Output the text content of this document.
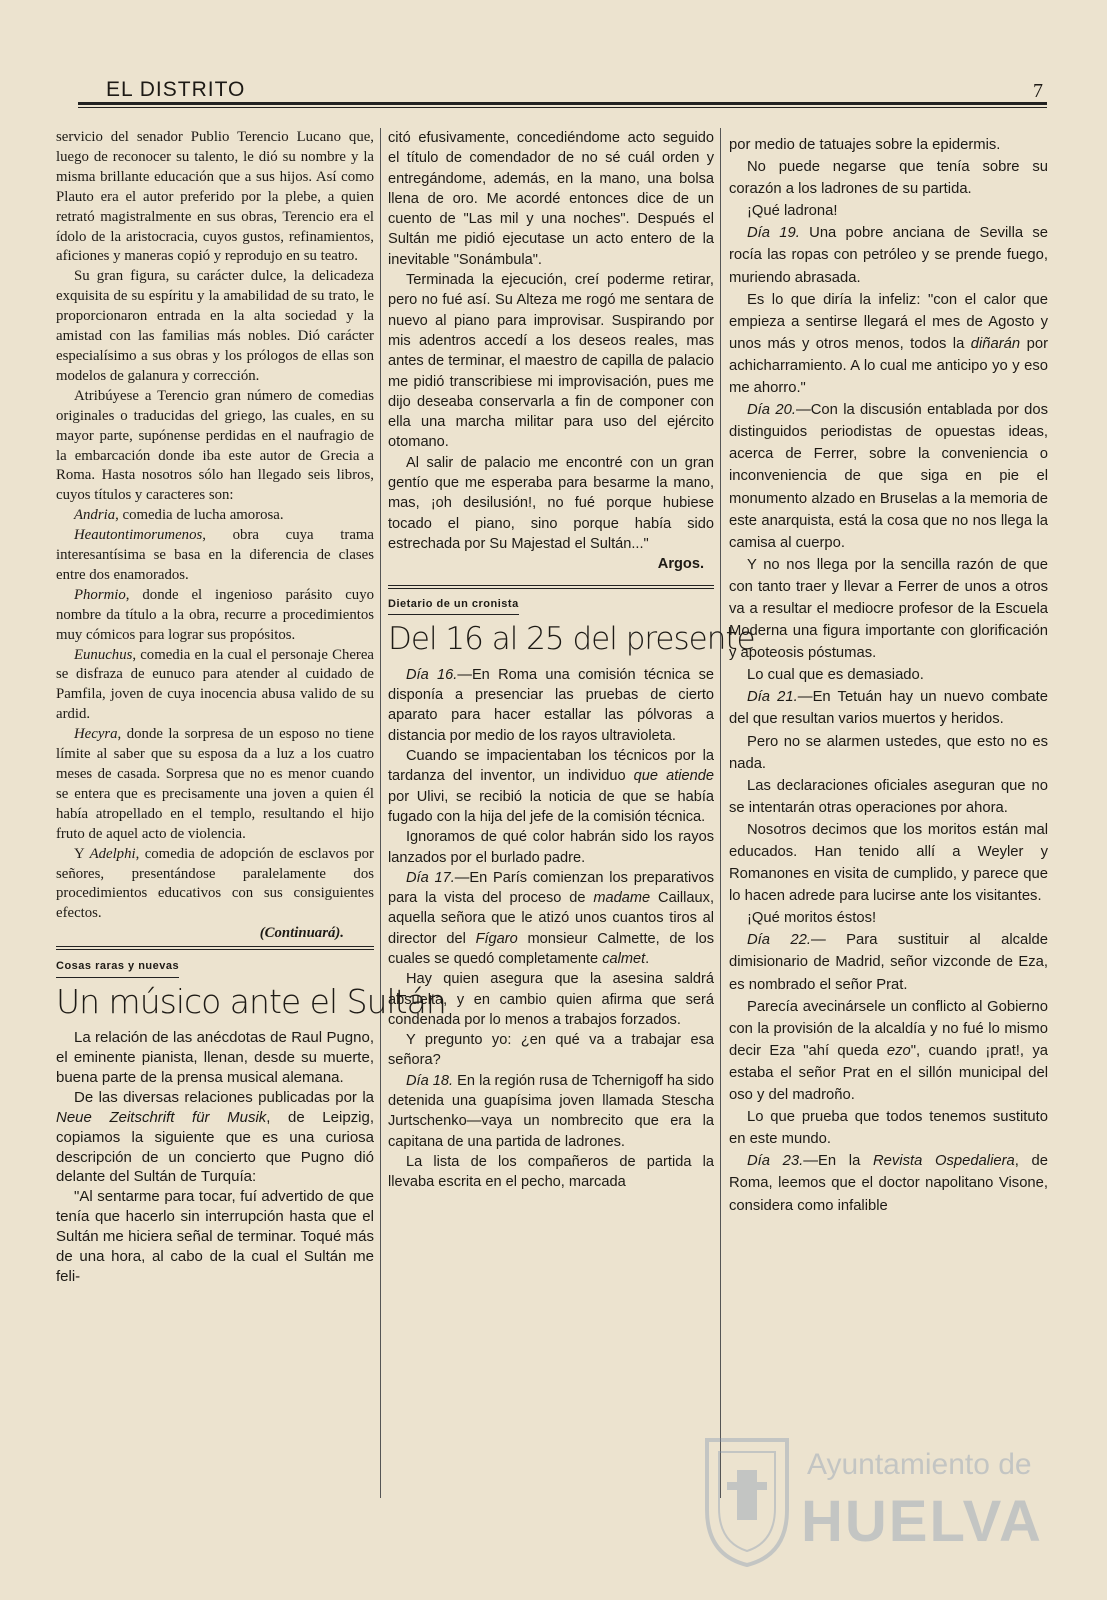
EL DISTRITO	7

servicio del senador Publio Terencio Lucano que, luego de reconocer su talento, le dió su nombre y la misma brillante educación que a sus hijos. Así como Plauto era el autor preferido por la plebe, a quien retrató magistralmente en sus obras, Terencio era el ídolo de la aristocracia, cuyos gustos, refinamientos, aficiones y maneras copió y reprodujo en su teatro.

Su gran figura, su carácter dulce, la delicadeza exquisita de su espíritu y la amabilidad de su trato, le proporcionaron entrada en la alta sociedad y la amistad con las familias más nobles. Dió carácter especialísimo a sus obras y los prólogos de ellas son modelos de galanura y corrección.

Atribúyese a Terencio gran número de comedias originales o traducidas del griego, las cuales, en su mayor parte, supónense perdidas en el naufragio de la embarcación donde iba este autor de Grecia a Roma. Hasta nosotros sólo han llegado seis libros, cuyos títulos y caracteres son:

Andria, comedia de lucha amorosa.

Heautontimorumenos, obra cuya trama interesantísima se basa en la diferencia de clases entre dos enamorados.

Phormio, donde el ingenioso parásito cuyo nombre da título a la obra, recurre a procedimientos muy cómicos para lograr sus propósitos.

Eunuchus, comedia en la cual el personaje Cherea se disfraza de eunuco para atender al cuidado de Pamfila, joven de cuya inocencia abusa valido de su ardid.

Hecyra, donde la sorpresa de un esposo no tiene límite al saber que su esposa da a luz a los cuatro meses de casada. Sorpresa que no es menor cuando se entera que es precisamente una joven a quien él había atropellado en el templo, resultando el hijo fruto de aquel acto de violencia.

Y Adelphi, comedia de adopción de esclavos por señores, presentándose paralelamente dos procedimientos educativos con sus consiguientes efectos.

(Continuará).
Cosas raras y nuevas
Un músico ante el Sultán

La relación de las anécdotas de Raul Pugno, el eminente pianista, llenan, desde su muerte, buena parte de la prensa musical alemana.

De las diversas relaciones publicadas por la Neue Zeitschrift für Musik, de Leipzig, copiamos la siguiente que es una curiosa descripción de un concierto que Pugno dió delante del Sultán de Turquía:

"Al sentarme para tocar, fuí advertido de que tenía que hacerlo sin interrupción hasta que el Sultán me hiciera señal de terminar. Toqué más de una hora, al cabo de la cual el Sultán me feli-

citó efusivamente, concediéndome acto seguido el título de comendador de no sé cuál orden y entregándome, además, en la mano, una bolsa llena de oro. Me acordé entonces dice de un cuento de "Las mil y una noches". Después el Sultán me pidió ejecutase un acto entero de la inevitable "Sonámbula".

Terminada la ejecución, creí poderme retirar, pero no fué así. Su Alteza me rogó me sentara de nuevo al piano para improvisar. Suspirando por mis adentros accedí a los deseos reales, mas antes de terminar, el maestro de capilla de palacio me pidió transcribiese mi improvisación, pues me dijo deseaba conservarla a fin de componer con ella una marcha militar para uso del ejército otomano.

Al salir de palacio me encontré con un gran gentío que me esperaba para besarme la mano, mas, ¡oh desilusión!, no fué porque hubiese tocado el piano, sino porque había sido estrechada por Su Majestad el Sultán..."

Argos.
Dietario de un cronista
Del 16 al 25 del presente

Día 16.—En Roma una comisión técnica se disponía a presenciar las pruebas de cierto aparato para hacer estallar las pólvoras a distancia por medio de los rayos ultravioleta.

Cuando se impacientaban los técnicos por la tardanza del inventor, un individuo que atiende por Ulivi, se recibió la noticia de que se había fugado con la hija del jefe de la comisión técnica.

Ignoramos de qué color habrán sido los rayos lanzados por el burlado padre.

Día 17.—En París comienzan los preparativos para la vista del proceso de madame Caillaux, aquella señora que le atizó unos cuantos tiros al director del Fígaro monsieur Calmette, de los cuales se quedó completamente calmet.

Hay quien asegura que la asesina saldrá absuelta, y en cambio quien afirma que será condenada por lo menos a trabajos forzados.

Y pregunto yo: ¿en qué va a trabajar esa señora?

Día 18. En la región rusa de Tchernigoff ha sido detenida una guapísima joven llamada Stescha Jurtschenko—vaya un nombrecito que era la capitana de una partida de ladrones.

La lista de los compañeros de partida la llevaba escrita en el pecho, marcada

por medio de tatuajes sobre la epidermis.

No puede negarse que tenía sobre su corazón a los ladrones de su partida.

¡Qué ladrona!

Día 19. Una pobre anciana de Sevilla se rocía las ropas con petróleo y se prende fuego, muriendo abrasada.

Es lo que diría la infeliz: "con el calor que empieza a sentirse llegará el mes de Agosto y unos más y otros menos, todos la diñarán por achicharramiento. A lo cual me anticipo yo y eso me ahorro."

Día 20.—Con la discusión entablada por dos distinguidos periodistas de opuestas ideas, acerca de Ferrer, sobre la conveniencia o inconveniencia de que siga en pie el monumento alzado en Bruselas a la memoria de este anarquista, está la cosa que no nos llega la camisa al cuerpo.

Y no nos llega por la sencilla razón de que con tanto traer y llevar a Ferrer de unos a otros va a resultar el mediocre profesor de la Escuela Moderna una figura importante con glorificación y apoteosis póstumas.

Lo cual que es demasiado.

Día 21.—En Tetuán hay un nuevo combate del que resultan varios muertos y heridos.

Pero no se alarmen ustedes, que esto no es nada.

Las declaraciones oficiales aseguran que no se intentarán otras operaciones por ahora.

Nosotros decimos que los moritos están mal educados. Han tenido allí a Weyler y Romanones en visita de cumplido, y parece que lo hacen adrede para lucirse ante los visitantes.

¡Qué moritos éstos!

Día 22.— Para sustituir al alcalde dimisionario de Madrid, señor vizconde de Eza, es nombrado el señor Prat.

Parecía avecinársele un conflicto al Gobierno con la provisión de la alcaldía y no fué lo mismo decir Eza "ahí queda ezo", cuando ¡prat!, ya estaba el señor Prat en el sillón municipal del oso y del madroño.

Lo que prueba que todos tenemos sustituto en este mundo.

Día 23.—En la Revista Ospedaliera, de Roma, leemos que el doctor napolitano Visone, considera como infalible

Ayuntamiento de
HUELVA
